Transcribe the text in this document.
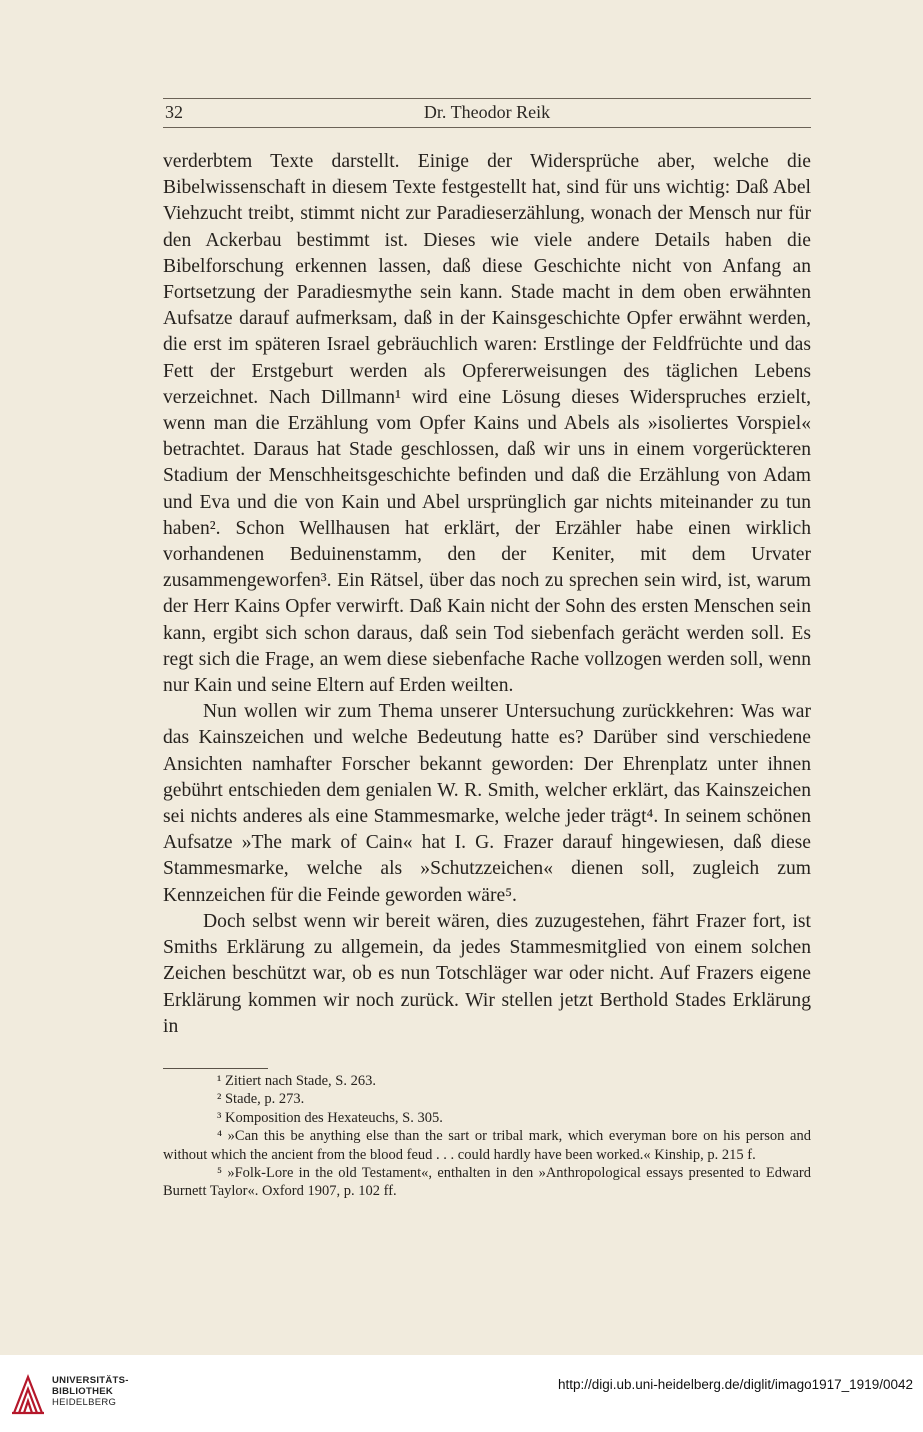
32	Dr. Theodor Reik

verderbtem Texte darstellt. Einige der Widersprüche aber, welche die Bibelwissenschaft in diesem Texte festgestellt hat, sind für uns wichtig: Daß Abel Viehzucht treibt, stimmt nicht zur Paradieserzählung, wonach der Mensch nur für den Ackerbau bestimmt ist. Dieses wie viele andere Details haben die Bibelforschung erkennen lassen, daß diese Geschichte nicht von Anfang an Fortsetzung der Paradiesmythe sein kann. Stade macht in dem oben erwähnten Aufsatze darauf aufmerksam, daß in der Kainsgeschichte Opfer erwähnt werden, die erst im späteren Israel gebräuchlich waren: Erstlinge der Feldfrüchte und das Fett der Erstgeburt werden als Opfererweisungen des täglichen Lebens verzeichnet. Nach Dillmann¹ wird eine Lösung dieses Widerspruches erzielt, wenn man die Erzählung vom Opfer Kains und Abels als »isoliertes Vorspiel« betrachtet. Daraus hat Stade geschlossen, daß wir uns in einem vorgerückteren Stadium der Menschheitsgeschichte befinden und daß die Erzählung von Adam und Eva und die von Kain und Abel ursprünglich gar nichts miteinander zu tun haben². Schon Wellhausen hat erklärt, der Erzähler habe einen wirklich vorhandenen Beduinenstamm, den der Keniter, mit dem Urvater zusammengeworfen³. Ein Rätsel, über das noch zu sprechen sein wird, ist, warum der Herr Kains Opfer verwirft. Daß Kain nicht der Sohn des ersten Menschen sein kann, ergibt sich schon daraus, daß sein Tod siebenfach gerächt werden soll. Es regt sich die Frage, an wem diese siebenfache Rache vollzogen werden soll, wenn nur Kain und seine Eltern auf Erden weilten.

Nun wollen wir zum Thema unserer Untersuchung zurückkehren: Was war das Kainszeichen und welche Bedeutung hatte es? Darüber sind verschiedene Ansichten namhafter Forscher bekannt geworden: Der Ehrenplatz unter ihnen gebührt entschieden dem genialen W. R. Smith, welcher erklärt, das Kainszeichen sei nichts anderes als eine Stammesmarke, welche jeder trägt⁴. In seinem schönen Aufsatze »The mark of Cain« hat I. G. Frazer darauf hingewiesen, daß diese Stammesmarke, welche als »Schutzzeichen« dienen soll, zugleich zum Kennzeichen für die Feinde geworden wäre⁵.

Doch selbst wenn wir bereit wären, dies zuzugestehen, fährt Frazer fort, ist Smiths Erklärung zu allgemein, da jedes Stammesmitglied von einem solchen Zeichen beschützt war, ob es nun Totschläger war oder nicht. Auf Frazers eigene Erklärung kommen wir noch zurück. Wir stellen jetzt Berthold Stades Erklärung in

¹ Zitiert nach Stade, S. 263.

² Stade, p. 273.

³ Komposition des Hexateuchs, S. 305.

⁴ »Can this be anything else than the sart or tribal mark, which everyman bore on his person and without which the ancient from the blood feud . . . could hardly have been worked.« Kinship, p. 215 f.

⁵ »Folk-Lore in the old Testament«, enthalten in den »Anthropological essays presented to Edward Burnett Taylor«. Oxford 1907, p. 102 ff.

UNIVERSITÄTS-
BIBLIOTHEK
HEIDELBERG
http://digi.ub.uni-heidelberg.de/diglit/imago1917_1919/0042
